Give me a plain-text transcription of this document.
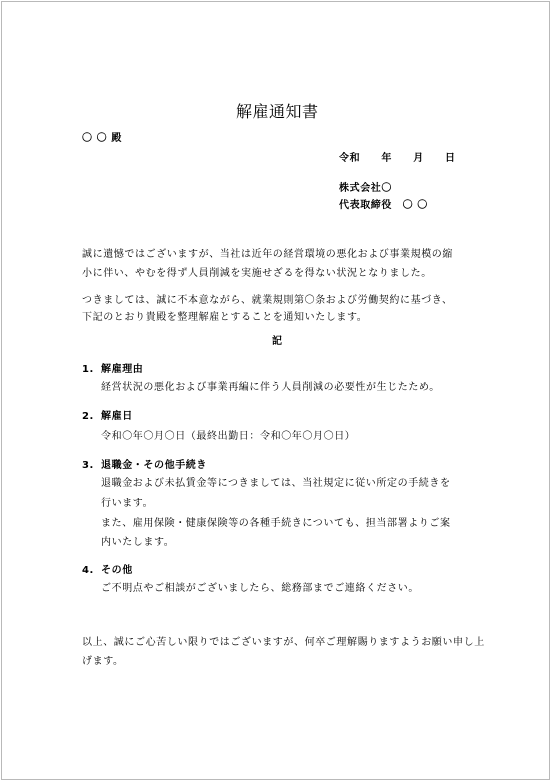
解雇通知書
〇 〇 殿
令和　　年　　月　　日
株式会社〇
代表取締役　〇 〇
誠に遺憾ではございますが、当社は近年の経営環境の悪化および事業規模の縮
小に伴い、やむを得ず人員削減を実施せざるを得ない状況となりました。
つきましては、誠に不本意ながら、就業規則第〇条および労働契約に基づき、
下記のとおり貴殿を整理解雇とすることを通知いたします。
記
1. 解雇理由
経営状況の悪化および事業再編に伴う人員削減の必要性が生じたため。
2. 解雇日
令和〇年〇月〇日（最終出勤日：令和〇年〇月〇日）
3. 退職金・その他手続き
退職金および未払賃金等につきましては、当社規定に従い所定の手続きを
行います。
また、雇用保険・健康保険等の各種手続きについても、担当部署よりご案
内いたします。
4. その他
ご不明点やご相談がございましたら、総務部までご連絡ください。
以上、誠にご心苦しい限りではございますが、何卒ご理解賜りますようお願い申し上
げます。
